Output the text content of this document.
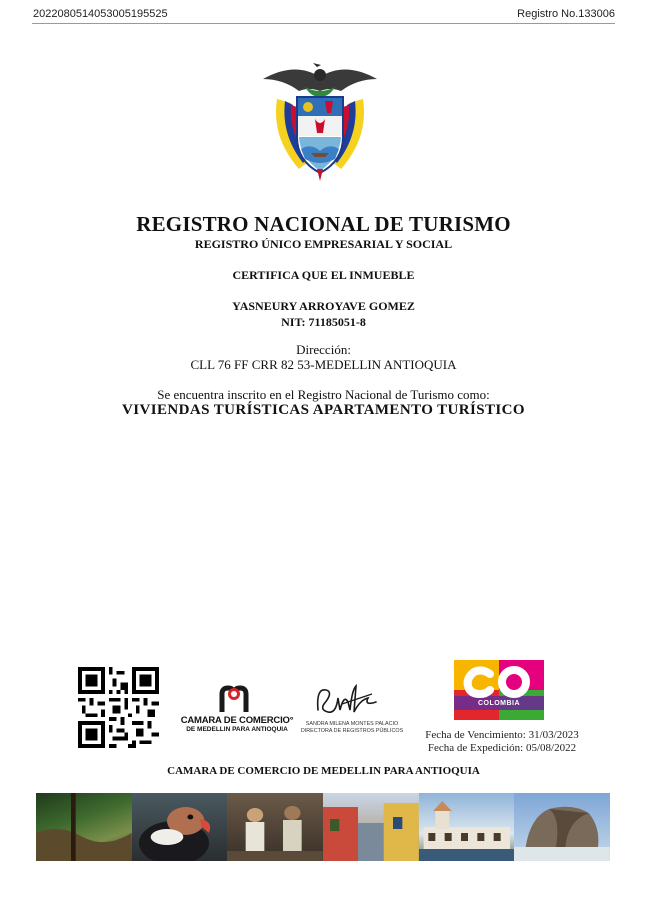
2022080514053005195525	Registro No.133006
REGISTRO NACIONAL DE TURISMO
REGISTRO ÚNICO EMPRESARIAL Y SOCIAL
CERTIFICA QUE EL INMUEBLE
YASNEURY ARROYAVE GOMEZ
NIT: 71185051-8
Dirección:
CLL 76 FF CRR 82 53-MEDELLIN ANTIOQUIA
Se encuentra inscrito en el Registro Nacional de Turismo como:
VIVIENDAS TURÍSTICAS APARTAMENTO TURÍSTICO
CAMARA DE COMERCIO°
DE MEDELLIN PARA ANTIOQUIA
SANDRA MILENA MONTES PALACIO
DIRECTORA DE REGISTROS PÚBLICOS
COLOMBIA
Fecha de Vencimiento: 31/03/2023
Fecha de Expedición: 05/08/2022
CAMARA DE COMERCIO DE MEDELLIN PARA ANTIOQUIA
